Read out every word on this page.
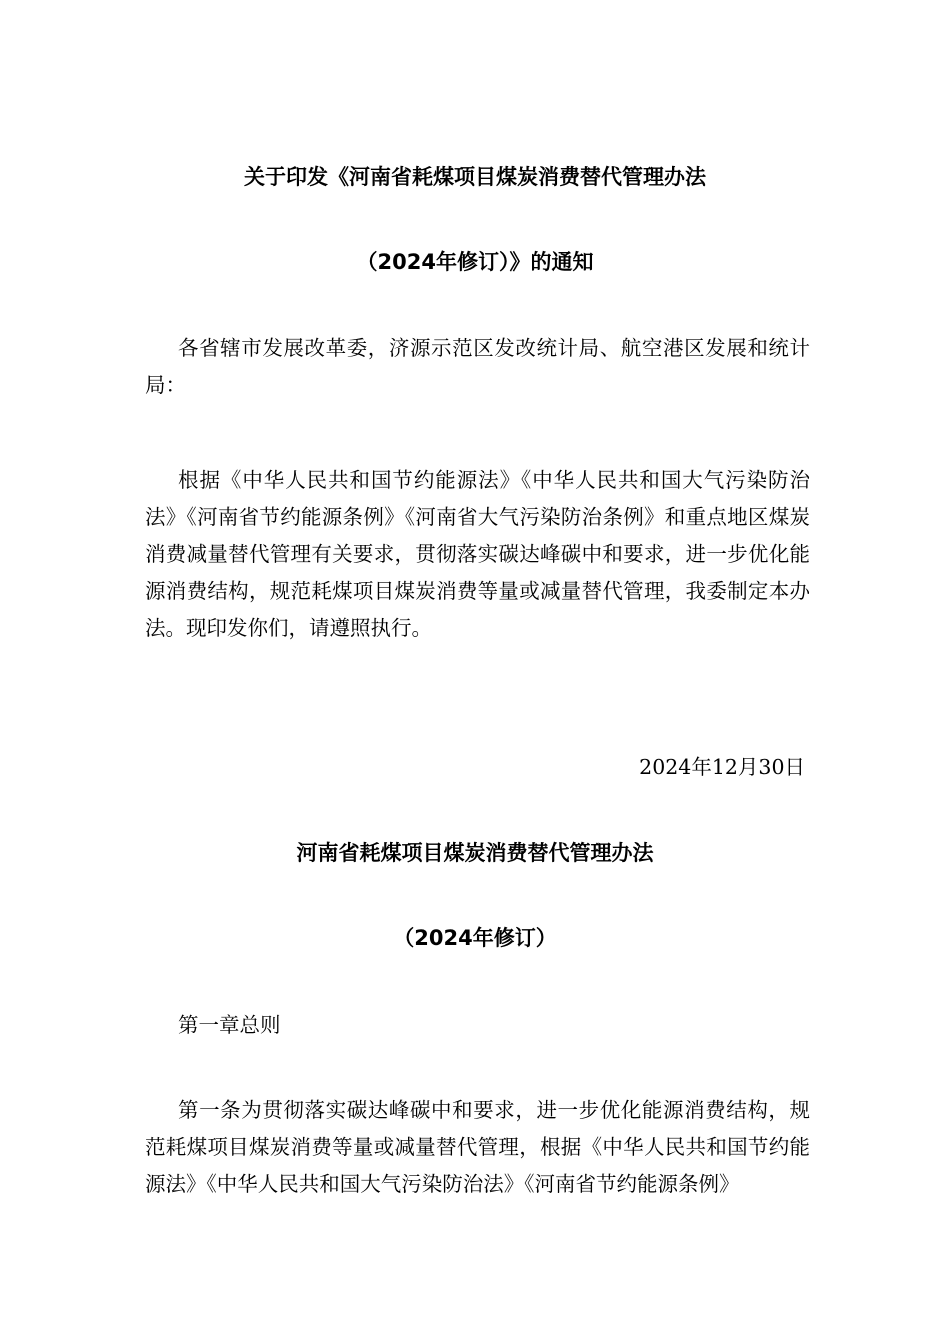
关于印发《河南省耗煤项目煤炭消费替代管理办法
（2024年修订）》的通知

各省辖市发展改革委，济源示范区发改统计局、航空港区发展和统计局：

根据《中华人民共和国节约能源法》《中华人民共和国大气污染防治法》《河南省节约能源条例》《河南省大气污染防治条例》和重点地区煤炭消费减量替代管理有关要求，贯彻落实碳达峰碳中和要求，进一步优化能源消费结构，规范耗煤项目煤炭消费等量或减量替代管理，我委制定本办法。现印发你们，请遵照执行。

2024年12月30日

河南省耗煤项目煤炭消费替代管理办法
（2024年修订）

第一章总则

第一条为贯彻落实碳达峰碳中和要求，进一步优化能源消费结构，规范耗煤项目煤炭消费等量或减量替代管理，根据《中华人民共和国节约能源法》《中华人民共和国大气污染防治法》《河南省节约能源条例》
